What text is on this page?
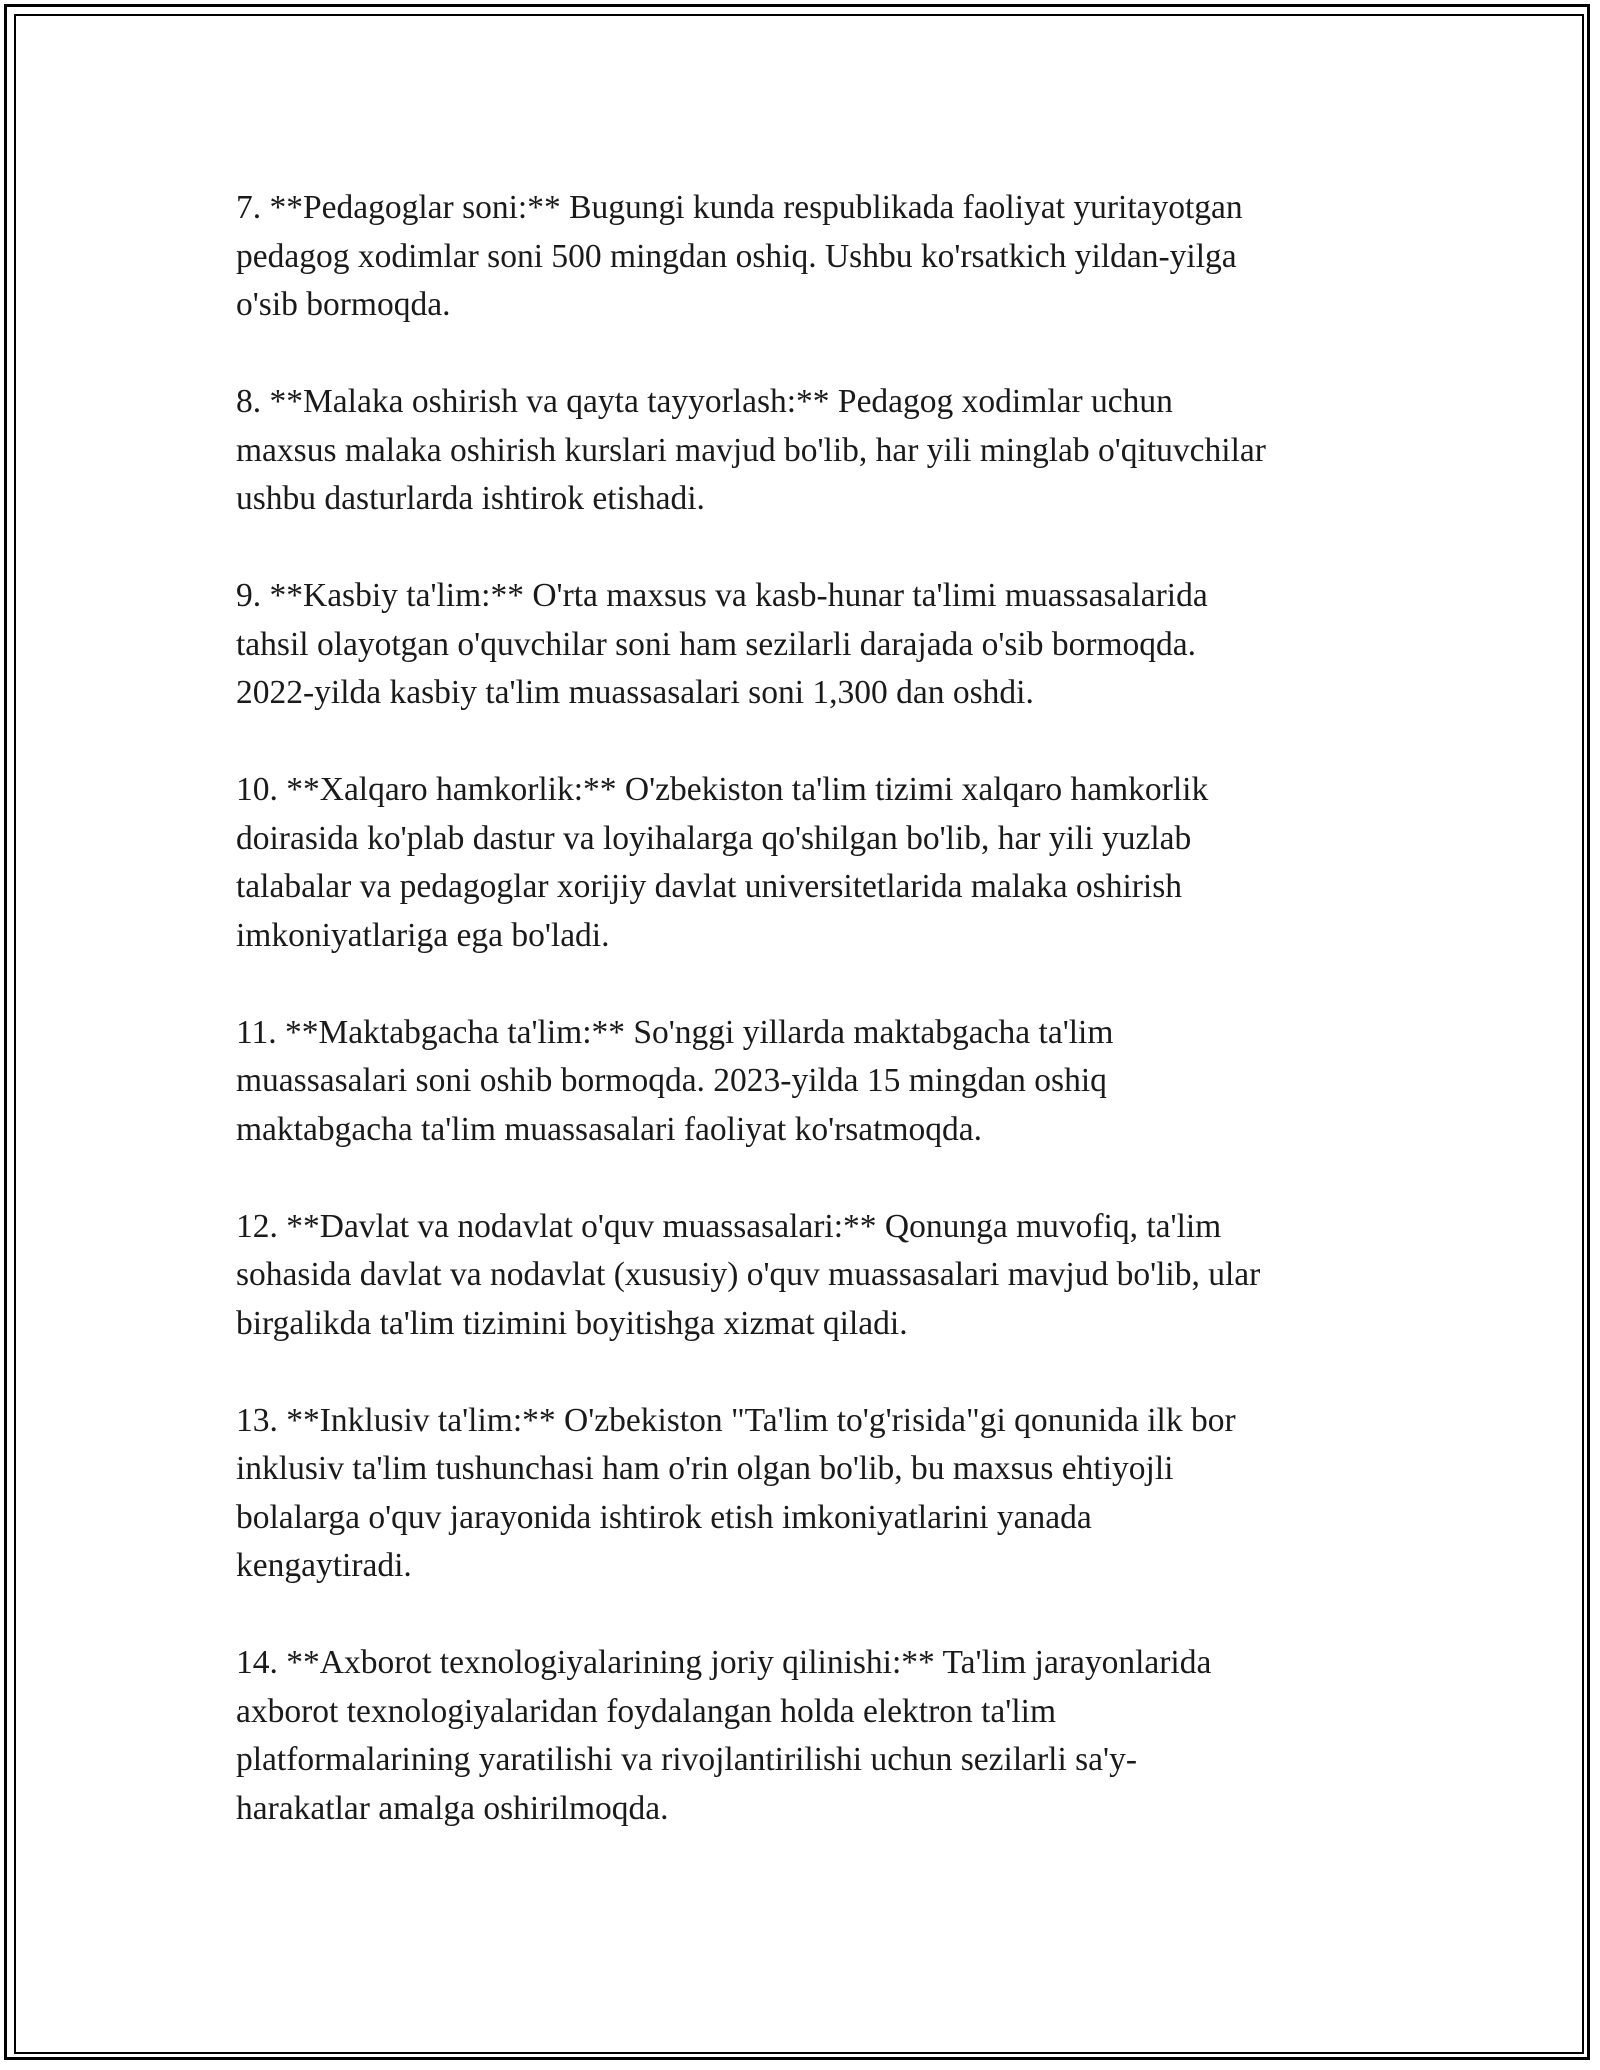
7. **Pedagoglar soni:** Bugungi kunda respublikada faoliyat yuritayotgan
pedagog xodimlar soni 500 mingdan oshiq. Ushbu ko'rsatkich yildan-yilga
o'sib bormoqda.

8. **Malaka oshirish va qayta tayyorlash:** Pedagog xodimlar uchun
maxsus malaka oshirish kurslari mavjud bo'lib, har yili minglab o'qituvchilar
ushbu dasturlarda ishtirok etishadi.

9. **Kasbiy ta'lim:** O'rta maxsus va kasb-hunar ta'limi muassasalarida
tahsil olayotgan o'quvchilar soni ham sezilarli darajada o'sib bormoqda.
2022-yilda kasbiy ta'lim muassasalari soni 1,300 dan oshdi.

10. **Xalqaro hamkorlik:** O'zbekiston ta'lim tizimi xalqaro hamkorlik
doirasida ko'plab dastur va loyihalarga qo'shilgan bo'lib, har yili yuzlab
talabalar va pedagoglar xorijiy davlat universitetlarida malaka oshirish
imkoniyatlariga ega bo'ladi.

11. **Maktabgacha ta'lim:** So'nggi yillarda maktabgacha ta'lim
muassasalari soni oshib bormoqda. 2023-yilda 15 mingdan oshiq
maktabgacha ta'lim muassasalari faoliyat ko'rsatmoqda.

12. **Davlat va nodavlat o'quv muassasalari:** Qonunga muvofiq, ta'lim
sohasida davlat va nodavlat (xususiy) o'quv muassasalari mavjud bo'lib, ular
birgalikda ta'lim tizimini boyitishga xizmat qiladi.

13. **Inklusiv ta'lim:** O'zbekiston "Ta'lim to'g'risida"gi qonunida ilk bor
inklusiv ta'lim tushunchasi ham o'rin olgan bo'lib, bu maxsus ehtiyojli
bolalarga o'quv jarayonida ishtirok etish imkoniyatlarini yanada
kengaytiradi.

14. **Axborot texnologiyalarining joriy qilinishi:** Ta'lim jarayonlarida
axborot texnologiyalaridan foydalangan holda elektron ta'lim
platformalarining yaratilishi va rivojlantirilishi uchun sezilarli sa'y-
harakatlar amalga oshirilmoqda.
